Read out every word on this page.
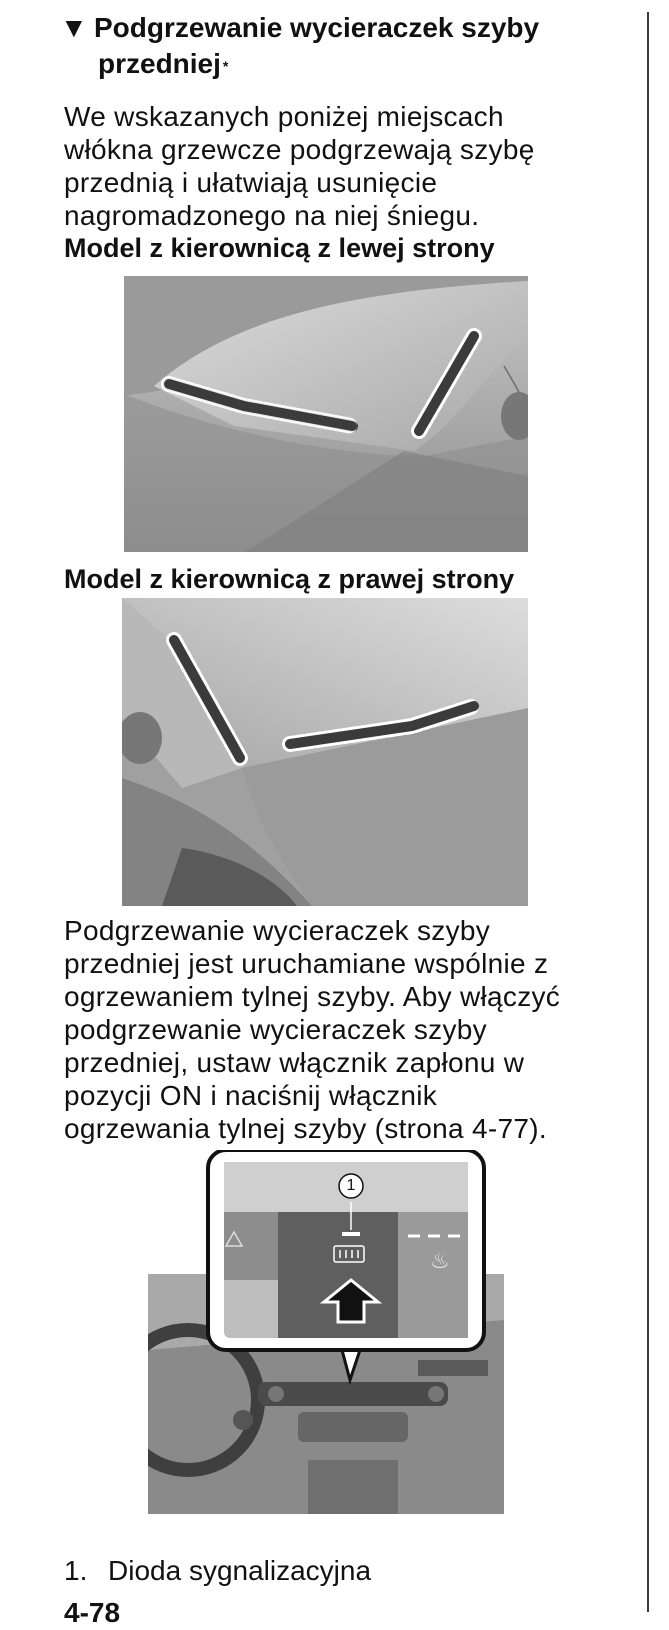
▼ Podgrzewanie wycieraczek szyby
przedniej *

We wskazanych poniżej miejscach

włókna grzewcze podgrzewają szybę

przednią i ułatwiają usunięcie

nagromadzonego na niej śniegu.

Model z kierownicą z lewej strony
Model z kierownicą z prawej strony

Podgrzewanie wycieraczek szyby

przedniej jest uruchamiane wspólnie z

ogrzewaniem tylnej szyby. Aby włączyć

podgrzewanie wycieraczek szyby

przedniej, ustaw włącznik zapłonu w

pozycji ON i naciśnij włącznik

ogrzewania tylnej szyby (strona 4-77).

♨
1
1. Dioda sygnalizacyjna
4-78
